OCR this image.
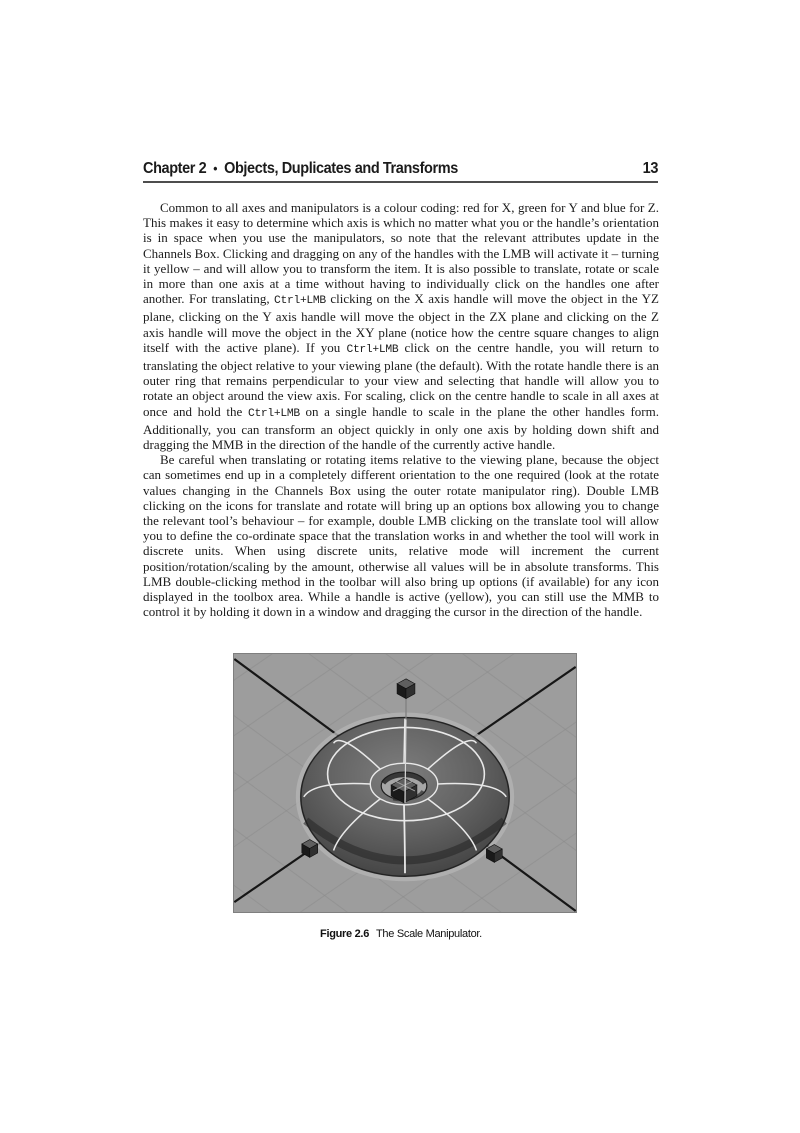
Chapter 2 • Objects, Duplicates and Transforms	13

Common to all axes and manipulators is a colour coding: red for X, green for Y and blue for Z. This makes it easy to determine which axis is which no matter what you or the handle’s orientation is in space when you use the manipulators, so note that the relevant attributes update in the Channels Box. Clicking and dragging on any of the handles with the LMB will activate it – turning it yellow – and will allow you to transform the item. It is also possible to translate, rotate or scale in more than one axis at a time without having to individually click on the handles one after another. For translating, Ctrl+LMB clicking on the X axis handle will move the object in the YZ plane, clicking on the Y axis handle will move the object in the ZX plane and clicking on the Z axis handle will move the object in the XY plane (notice how the centre square changes to align itself with the active plane). If you Ctrl+LMB click on the centre handle, you will return to translating the object relative to your viewing plane (the default). With the rotate handle there is an outer ring that remains perpendicular to your view and selecting that handle will allow you to rotate an object around the view axis. For scaling, click on the centre handle to scale in all axes at once and hold the Ctrl+LMB on a single handle to scale in the plane the other handles form. Additionally, you can transform an object quickly in only one axis by holding down shift and dragging the MMB in the direction of the handle of the currently active handle.

Be careful when translating or rotating items relative to the viewing plane, because the object can sometimes end up in a completely different orientation to the one required (look at the rotate values changing in the Channels Box using the outer rotate manipulator ring). Double LMB clicking on the icons for translate and rotate will bring up an options box allowing you to change the relevant tool’s behaviour – for example, double LMB clicking on the translate tool will allow you to define the co-ordinate space that the translation works in and whether the tool will work in discrete units. When using discrete units, relative mode will increment the current position/rotation/scaling by the amount, otherwise all values will be in absolute transforms. This LMB double-clicking method in the toolbar will also bring up options (if available) for any icon displayed in the toolbox area. While a handle is active (yellow), you can still use the MMB to control it by holding it down in a window and dragging the cursor in the direction of the handle.

Figure 2.6 The Scale Manipulator.
